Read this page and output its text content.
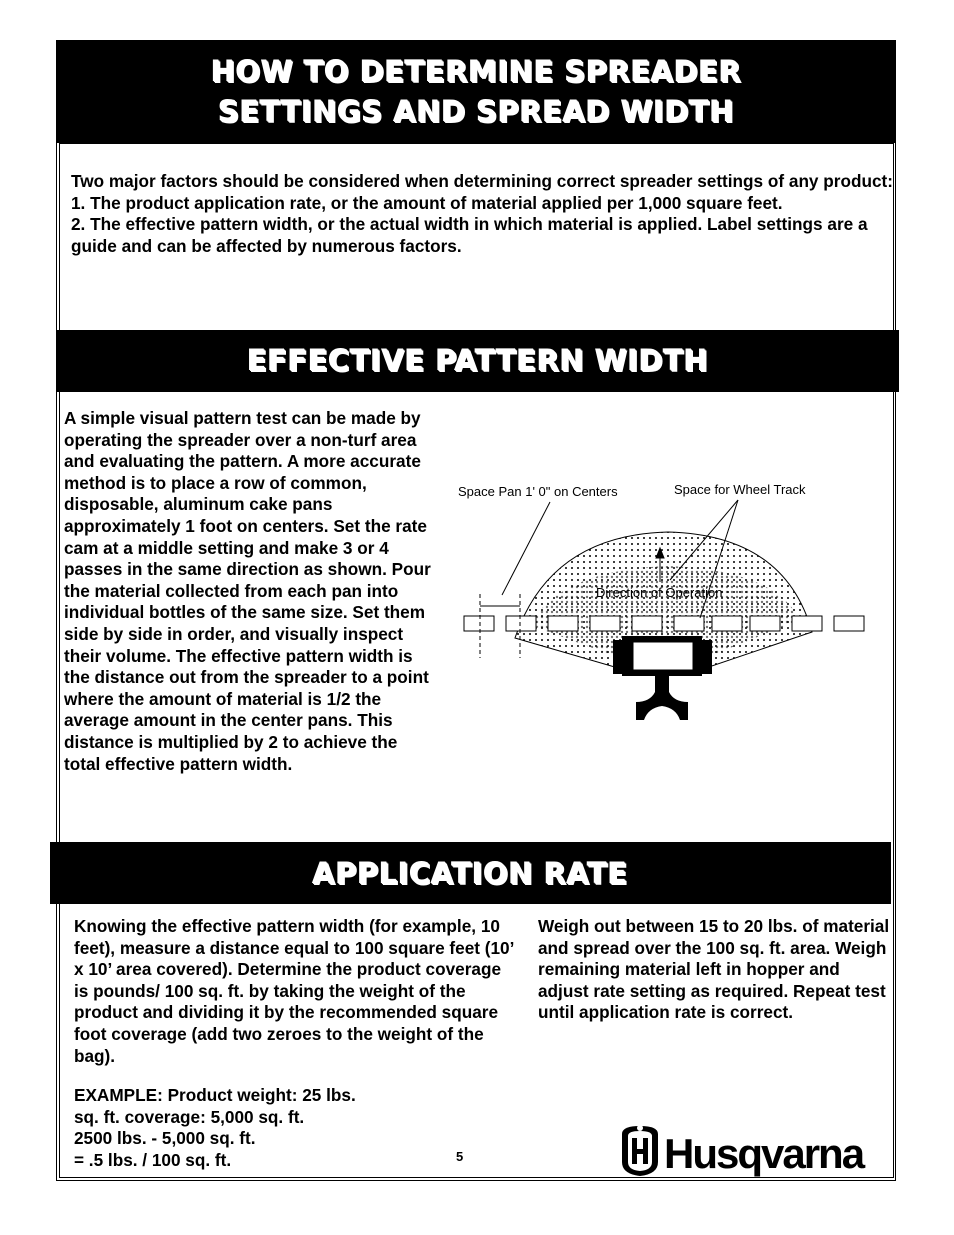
HOW TO DETERMINE SPREADER
SETTINGS AND SPREAD WIDTH

Two major factors should be considered when determining correct spreader settings of any product:

1. The product application rate, or the amount of material applied per 1,000 square feet.

2. The effective pattern width, or the actual width in which material is applied. Label settings are a guide and can be affected by numerous factors.

EFFECTIVE PATTERN WIDTH
A simple visual pattern test can be made by operating the spreader over a non-turf area and evaluating the pattern. A more accurate method is to place a row of common, disposable, aluminum cake pans approximately 1 foot on centers. Set the rate cam at a middle setting and make 3 or 4 passes in the same direction as shown. Pour the material collected from each pan into individual bottles of the same size. Set them side by side in order, and visually inspect their volume. The effective pattern width is the distance out from the spreader to a point where the amount of material is 1/2 the average amount in the center pans. This distance is multiplied by 2 to achieve the total effective pattern width.
Space Pan 1' 0" on Centers	Space for Wheel Track
Direction of Operation
APPLICATION RATE
Knowing the effective pattern width (for example, 10 feet), measure a distance equal to 100 square feet (10’ x 10’ area covered). Determine the product coverage is pounds/ 100 sq. ft. by taking the weight of the product and dividing it by the recommended square foot coverage (add two zeroes to the weight of the bag).
Weigh out between 15 to 20 lbs. of material and spread over the 100 sq. ft. area. Weigh remaining material left in hopper and adjust rate setting as required. Repeat test until application rate is correct.

EXAMPLE: Product weight: 25 lbs.

sq. ft. coverage: 5,000 sq. ft.

2500 lbs. - 5,000 sq. ft.

= .5 lbs. / 100 sq. ft.	5	Husqvarna
